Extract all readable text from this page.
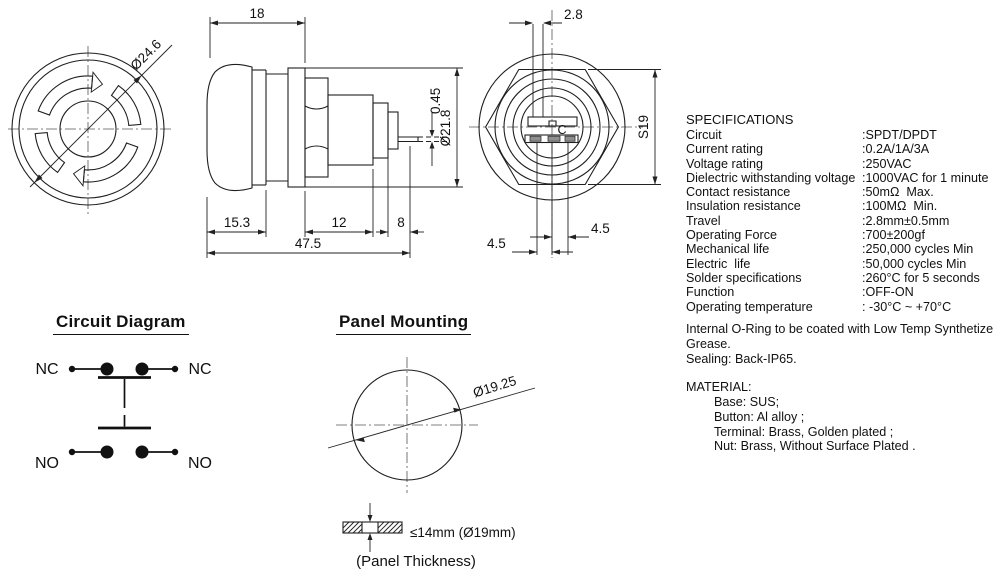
Ø24.6
18
0.45
Ø21.8
15.3	12	8
47.5
C
2.8
S19
4.5
4.5
SPECIFICATIONS
Circuit	:SPDT/DPDT
Current rating	:0.2A/1A/3A
Voltage rating	:250VAC
Dielectric withstanding voltage :1000VAC for 1 minute
Contact resistance	:50mΩ  Max.
Insulation resistance	:100MΩ  Min.
Travel	:2.8mm±0.5mm
Operating Force	:700±200gf
Mechanical life	:250,000 cycles Min
Electric  life	:50,000 cycles Min
Solder specifications	:260°C for 5 seconds
Function	:OFF-ON
Operating temperature	: -30°C ~ +70°C
Internal O-Ring to be coated with Low Temp Synthetize
Grease.
Sealing: Back-IP65.
MATERIAL:
Base: SUS;
Button: Al alloy ;
Terminal: Brass, Golden plated ;
Nut: Brass, Without Surface Plated .
Circuit Diagram
NC	NC
NO	NO
Panel Mounting
Ø19.25
≤14mm (Ø19mm)
(Panel Thickness)
